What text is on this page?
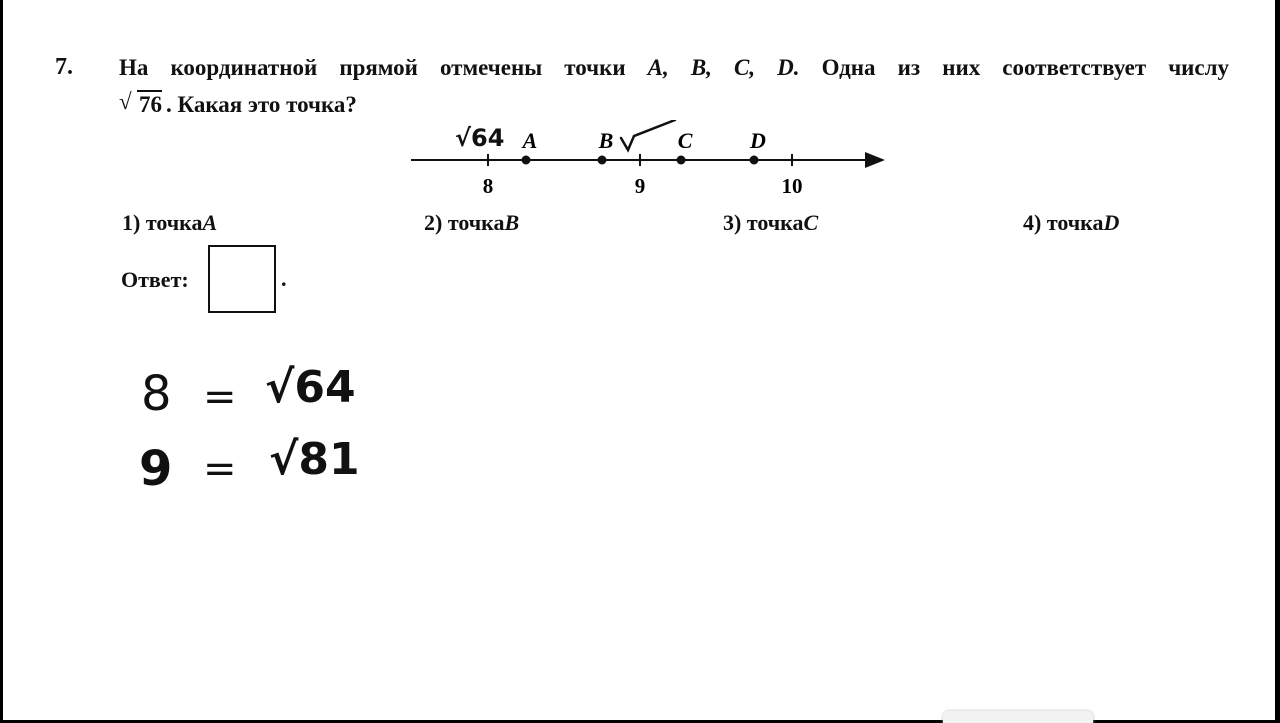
7. На координатной прямой отмечены точки A, B, C, D. Одна из них соответствует числу
√ 76 . Какая это точка?
8	9	10
A	B	C	D
√64
1) точкаA	2) точкаB	3) точкаC	4) точкаD
Ответ:	.
8 = √64
9 = √81
